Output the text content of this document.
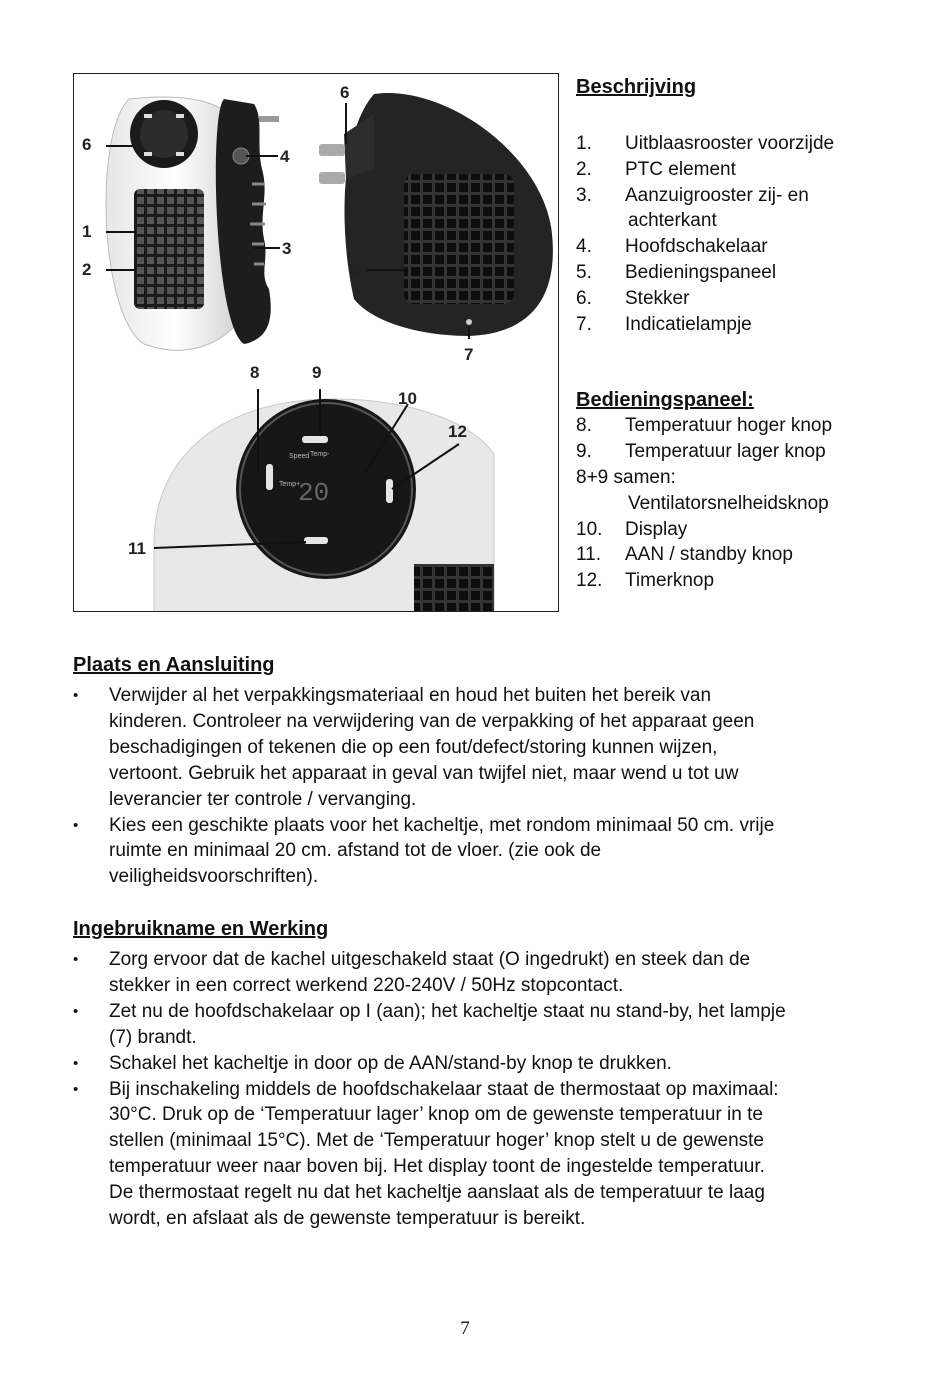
Temp+
Speed Temp-
20
6
1
2
4
3
6
3
7
8	9
10
12
11
Beschrijving
1. Uitblaasrooster voorzijde
2. PTC element
3. Aanzuigrooster zij- en
achterkant
4. Hoofdschakelaar
5. Bedieningspaneel
6. Stekker
7. Indicatielampje
Bedieningspaneel:
8. Temperatuur hoger knop
9. Temperatuur lager knop
8+9 samen:
Ventilatorsnelheidsknop
10. Display
11. AAN / standby knop
12. Timerknop
Plaats en Aansluiting
• Verwijder al het verpakkingsmateriaal en houd het buiten het bereik van
kinderen. Controleer na verwijdering van de verpakking of het apparaat geen
beschadigingen of tekenen die op een fout/defect/storing kunnen wijzen,
vertoont. Gebruik het apparaat in geval van twijfel niet, maar wend u tot uw
leverancier ter controle / vervanging.
• Kies een geschikte plaats voor het kacheltje, met rondom minimaal 50 cm. vrije
ruimte en minimaal 20 cm. afstand tot de vloer. (zie ook de
veiligheidsvoorschriften).
Ingebruikname en Werking
• Zorg ervoor dat de kachel uitgeschakeld staat (O ingedrukt) en steek dan de
stekker in een correct werkend 220-240V / 50Hz stopcontact.
• Zet nu de hoofdschakelaar op I (aan); het kacheltje staat nu stand-by, het lampje
(7) brandt.
• Schakel het kacheltje in door op de AAN/stand-by knop te drukken.
• Bij inschakeling middels de hoofdschakelaar staat de thermostaat op maximaal:
30°C. Druk op de ‘Temperatuur lager’ knop om de gewenste temperatuur in te
stellen (minimaal 15°C). Met de ‘Temperatuur hoger’ knop stelt u de gewenste
temperatuur weer naar boven bij. Het display toont de ingestelde temperatuur.
De thermostaat regelt nu dat het kacheltje aanslaat als de temperatuur te laag
wordt, en afslaat als de gewenste temperatuur is bereikt.
7
